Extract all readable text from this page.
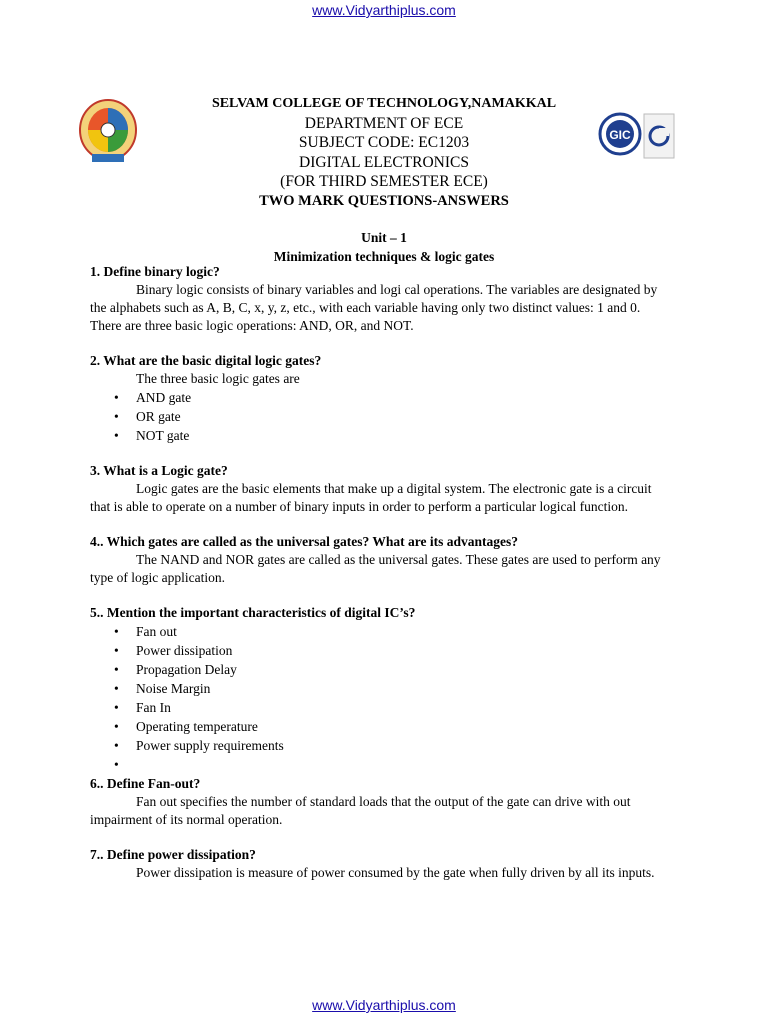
www.Vidyarthiplus.com
GIC
SELVAM COLLEGE OF TECHNOLOGY,NAMAKKAL
DEPARTMENT OF ECE
SUBJECT CODE: EC1203
DIGITAL ELECTRONICS
(FOR THIRD SEMESTER ECE)
TWO MARK QUESTIONS-ANSWERS
Unit – 1
Minimization techniques & logic gates

1. Define binary logic?

Binary logic consists of binary variables and logi cal operations. The variables are designated by the alphabets such as A, B, C, x, y, z, etc., with each variable having only two distinct values: 1 and 0. There are three basic logic operations: AND, OR, and NOT.

2. What are the basic digital logic gates?

The three basic logic gates are

• AND gate
• OR gate
• NOT gate

3. What is a Logic gate?

Logic gates are the basic elements that make up a digital system. The electronic gate is a circuit that is able to operate on a number of binary inputs in order to perform a particular logical function.

4.. Which gates are called as the universal gates? What are its advantages?

The NAND and NOR gates are called as the universal gates. These gates are used to perform any type of logic application.

5.. Mention the important characteristics of digital IC’s?

• Fan out
• Power dissipation
• Propagation Delay
• Noise Margin
• Fan In
• Operating temperature
• Power supply requirements
•

6.. Define Fan-out?

Fan out specifies the number of standard loads that the output of the gate can drive with out impairment of its normal operation.

7.. Define power dissipation?

Power dissipation is measure of power consumed by the gate when fully driven by all its inputs.

www.Vidyarthiplus.com
